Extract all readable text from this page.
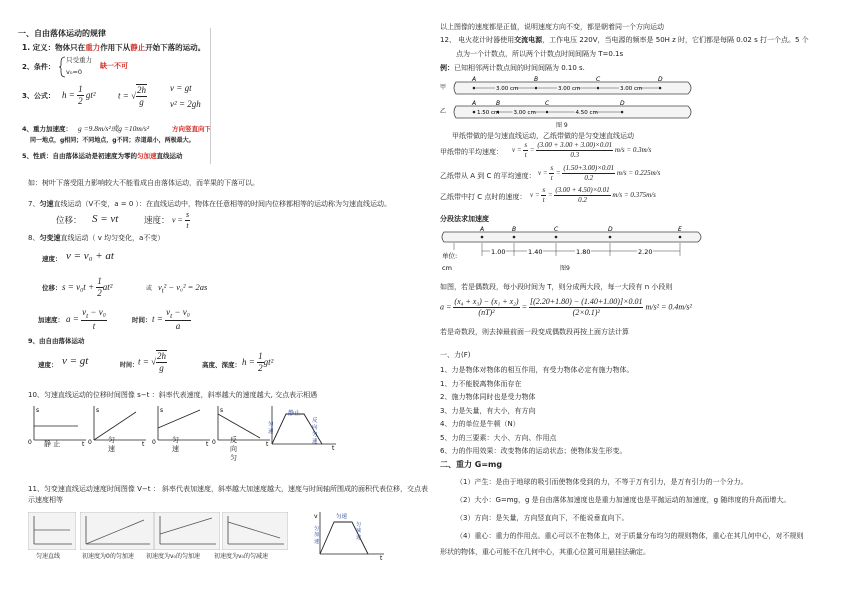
一、自由落体运动的规律
1. 定义：物体只在重力作用下从静止开始下落的运动。
2、条件：
只受重力
v₀=0
缺一不可
3、公式： $h = \frac{1}{2} gt^2$ t = √ $\frac{2h}{g}$	v = gt
v² = 2gh
4、重力加速度： g =9.8m/s²或g =10m/s²	方向竖直向下
同一地点，g相同；不同地点，g不同；赤道最小，两极最大。
5、性质：自由落体运动是初速度为零的匀加速直线运动
如：树叶下落受阻力影响较大不能看成自由落体运动，而苹果的下落可以。
7、匀速直线运动（V不变，a = 0 ）：在直线运动中，物体在任意相等的时间内位移都相等的运动称为匀速直线运动。
位移： S = vt	速度： $v = \frac{s}{t}$
8、匀变速直线运动（ v 均匀变化，a不变）
速度： v = v₀ + at
位移： $s = v_0t + \frac{1}{2} at^2$	或 $v_t^2 - v_0^2 = 2as$
加速度： $a = \frac{v_t - v_0}{t}$	时间： $t = \frac{v_t - v_0}{a}$
9、由自由落体运动
速度： v = gt	时间： t = √ $\frac{2h}{g}$	高度、深度： $h = \frac{1}{2} gt^2$
10、匀速直线运动的位移时间图像 s−t ：斜率代表速度，斜率越大的速度越大, 交点表示相遇
s
0	t
静 止
s
0	t
匀 速
s
0	t
匀 速
s
0	t
反 向 匀
t
匀速
静止
反向匀速
11、匀变速直线运动速度时间图像 V−t ： 斜率代表加速度，斜率越大加速度越大，速度与时间轴所围成的面积代表位移，交点表示速度相等
匀速直线	初速度为0的匀加速 初速度为v₀的匀加速 初速度为v₀的匀减速
v
t
匀加速
匀速
匀减速
以上图像的速度都是正值，说明速度方向不变，都是朝着同一个方向运动
12、 电火花计时器使用交流电源，工作电压 220V，当电源的频率是 50H z 时，它们都是每隔 0.02 s 打一个点。5 个
点为一个计数点，所以两个计数点时间间隔为 T=0.1s
例：已知相邻两计数点间的时间间隔为 0.10 s.
甲
A	B	C	D
3.00 cm	3.00 cm	3.00 cm
乙
A	B	C	D
1.50 cm	3.00 cm	4.50 cm
图 9
甲纸带做的是匀速直线运动，乙纸带做的是匀变速直线运动
甲纸带的平均速度： $v = \frac{s}{t} = \frac{(3.00 + 3.00 + 3.00)\times 0.01}{0.3} m/s = 0.3m/s$
乙纸带从 A 到 C 的平均速度： $v = \frac{s}{t} = \frac{(1.50+3.00)\times 0.01}{0.2} m/s = 0.225m/s$
乙纸带中打 C 点时的速度： $v = \frac{s}{t} = \frac{(3.00 + 4.50)\times 0.01}{0.2} m/s = 0.375m/s$
分段法求加速度
单位:
cm
A	B	C	D	E
1.00	1.40	1.80	2.20
图9
如图，若是偶数段，每小段时间为 T，则分成两大段，每一大段有 n 小段则
$a = \frac{\text{(x₄ + x₃) − (x₁ + x₂)}}{\text{(nT)²}} = \frac{[(2.20+1.80) - (1.40+1.00)]\times 0.01}{\text{(2×0.1)²}} m/s^2 = 0.4m/s^2$
若是奇数段，则去掉最前面一段变成偶数段再按上面方法计算
一、力(F)
1、力是物体对物体的相互作用，有受力物体必定有施力物体。
1、力不能脱离物体而存在
2、施力物体同时也是受力物体
3、力是矢量，有大小，有方向
4、力的单位是牛顿（N）
5、力的三要素：大小、方向、作用点
6、力的作用效果：改变物体的运动状态；使物体发生形变。
二、重力 G=mg
（1）产生：是由于地球的吸引而使物体受到的力，不等于万有引力，是万有引力的一个分力。
（2）大小：G=mg，g 是自由落体加速度也是重力加速度也是平抛运动的加速度，g 随纬度的升高而增大。
（3）方向：是矢量，方向竖直向下，不能说垂直向下。
（4）重心：重力的作用点。重心可以不在物体上，对于质量分布均匀的规则物体，重心在其几何中心，对不规则
形状的物体，重心可能不在几何中心，其重心位置可用悬挂法确定。
